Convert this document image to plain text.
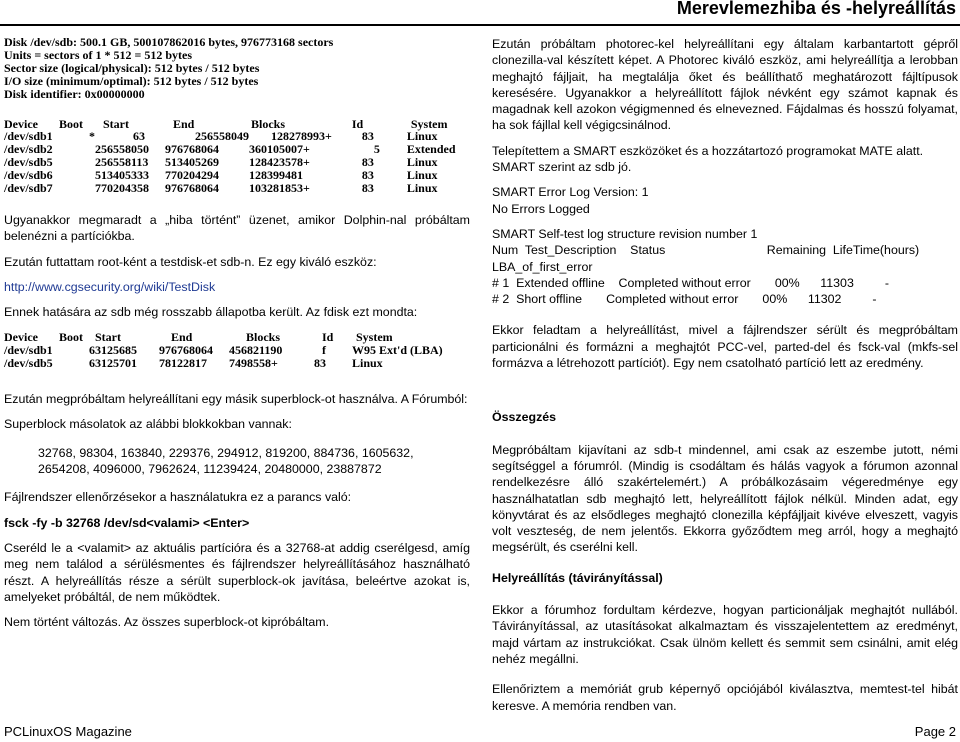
Merevlemezhiba és -helyreállítás
Disk /dev/sdb: 500.1 GB, 500107862016 bytes, 976773168 sectors
Units = sectors of 1 * 512 = 512 bytes
Sector size (logical/physical): 512 bytes / 512 bytes
I/O size (minimum/optimal): 512 bytes / 512 bytes
Disk identifier: 0x00000000
Device	Boot	Start	End	Blocks	Id	System
/dev/sdb1	*	63	256558049	128278993+	83	Linux
/dev/sdb2		256558050	976768064	360105007+	5	Extended
/dev/sdb5		256558113	513405269	128423578+	83	Linux
/dev/sdb6		513405333	770204294	128399481	83	Linux
/dev/sdb7		770204358	976768064	103281853+	83	Linux

Ugyanakkor megmaradt a „hiba történt” üzenet, amikor Dolphin-nal próbáltam belenézni a partíciókba.

Ezután futtattam root-ként a testdisk-et sdb-n. Ez egy kiváló eszköz:

http://www.cgsecurity.org/wiki/TestDisk

Ennek hatására az sdb még rosszabb állapotba került. Az fdisk ezt mondta:

Device	Boot	Start	End	Blocks	Id	System
/dev/sdb1		63125685	976768064	456821190	f	W95 Ext'd (LBA)
/dev/sdb5		63125701	78122817	7498558+	83	Linux

Ezután megpróbáltam helyreállítani egy másik superblock-ot használva. A Fórumból:

Superblock másolatok az alábbi blokkokban vannak:

32768, 98304, 163840, 229376, 294912, 819200, 884736, 1605632,

2654208, 4096000, 7962624, 11239424, 20480000, 23887872

Fájlrendszer ellenőrzésekor a használatukra ez a parancs való:

fsck -fy -b 32768 /dev/sd<valami> <Enter>

Cseréld le a <valamit> az aktuális partícióra és a 32768-at addig cserélgesd, amíg meg nem találod a sérülésmentes és fájlrendszer helyreállításához használható részt. A helyreállítás része a sérült superblock-ok javítása, beleértve azokat is, amelyeket próbáltál, de nem működtek.

Nem történt változás. Az összes superblock-ot kipróbáltam.

Ezután próbáltam photorec-kel helyreállítani egy általam karbantartott gépről clonezilla-val készített képet. A Photorec kiváló eszköz, ami helyreállítja a lerobban meghajtó fájljait, ha megtalálja őket és beállíthatő meghatározott fájltípusok keresésére. Ugyanakkor a helyreállított fájlok névként egy számot kapnak és magadnak kell azokon végigmenned és elnevezned. Fájdalmas és hosszú folyamat, ha sok fájllal kell végigcsinálnod.

Telepítettem a SMART eszközöket és a hozzátartozó programokat MATE alatt. SMART szerint az sdb jó.

SMART Error Log Version: 1

No Errors Logged

SMART Self-test log structure revision number 1

Num  Test_Description    Status	Remaining  LifeTime(hours)

LBA_of_first_error

# 1  Extended offline    Completed without error       00%      11303         -

# 2  Short offline       Completed without error       00%      11302         -

Ekkor feladtam a helyreállítást, mivel a fájlrendszer sérült és megpróbáltam particionálni és formázni a meghajtót PCC-vel, parted-del és fsck-val (mkfs-sel formázva a létrehozott partíciót). Egy nem csatolható partíció lett az eredmény.

Összegzés

Megpróbáltam kijavítani az sdb-t mindennel, ami csak az eszembe jutott, némi segítséggel a fórumról. (Mindig is csodáltam és hálás vagyok a fórumon azonnal rendelkezésre álló szakértelemért.) A próbálkozásaim végeredménye egy használhatatlan sdb meghajtó lett, helyreállított fájlok nélkül. Minden adat, egy könyvtárat és az elsődleges meghajtó clonezilla képfájljait kivéve elveszett, vagyis volt veszteség, de nem jelentős. Ekkorra győződtem meg arról, hogy a meghajtó megsérült, és cserélni kell.

Helyreállítás (távirányítással)

Ekkor a fórumhoz fordultam kérdezve, hogyan particionáljak meghajtót nullából. Távirányítással, az utasításokat alkalmaztam és visszajelentettem az eredményt, majd vártam az instrukciókat. Csak ülnöm kellett és semmit sem csinálni, amit elég nehéz megállni.

Ellenőriztem a memóriát grub képernyő opciójából kiválasztva, memtest-tel hibát keresve. A memória rendben van.

PCLinuxOS Magazine	Page 2
